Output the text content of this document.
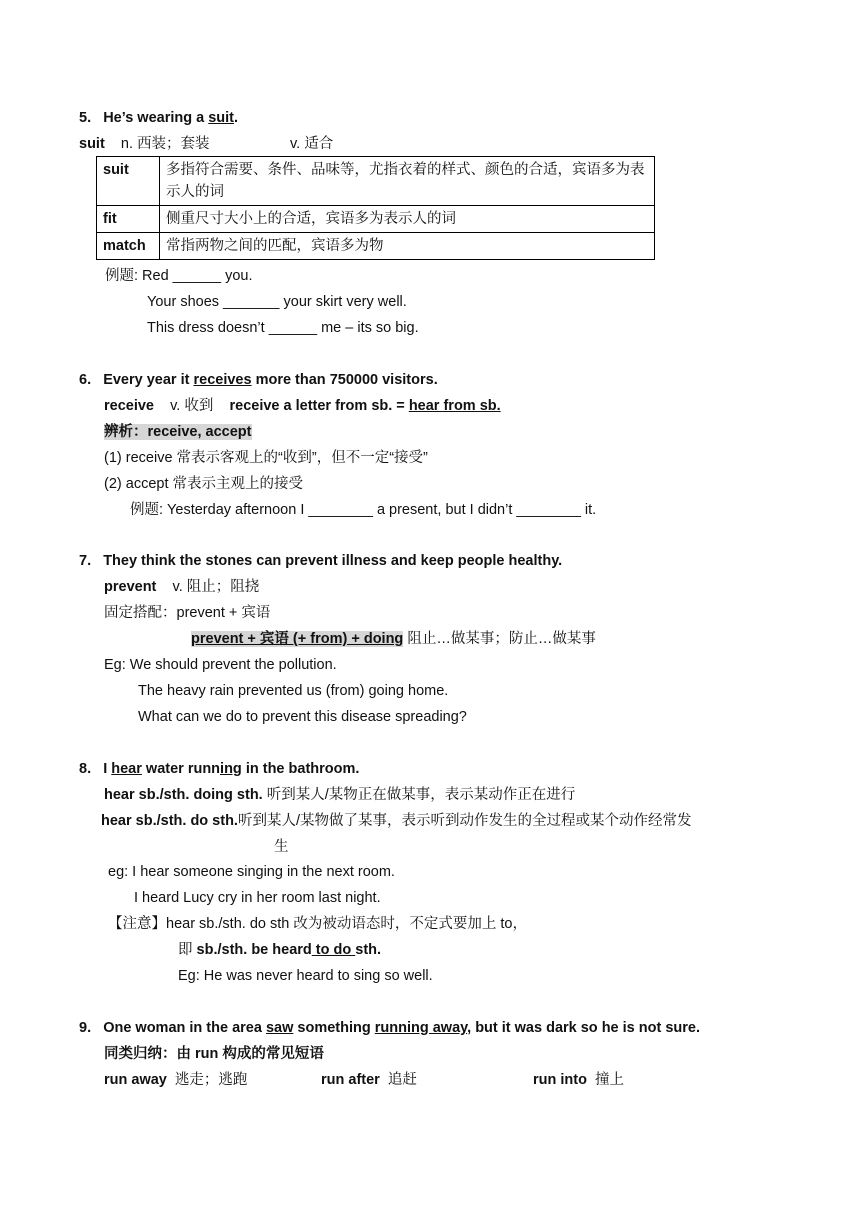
5. He’s wearing a suit.
suit n. 西装；套装	v. 适合
suit	多指符合需要、条件、品味等，尤指衣着的样式、颜色的合适，宾语多为表示人的词
fit	侧重尺寸大小上的合适，宾语多为表示人的词
match	常指两物之间的匹配，宾语多为物
例题: Red ______ you.
Your shoes _______ your skirt very well.
This dress doesn’t ______ me – its so big.
6. Every year it receives more than 750000 visitors.
receive v. 收到 receive a letter from sb. = hear from sb.
辨析：receive, accept
(1) receive 常表示客观上的“收到”，但不一定“接受”
(2) accept 常表示主观上的接受
例题: Yesterday afternoon I ________ a present, but I didn’t ________ it.
7. They think the stones can prevent illness and keep people healthy.
prevent v. 阻止；阻挠
固定搭配：prevent + 宾语
prevent + 宾语 (+ from) + doing 阻止…做某事；防止…做某事
Eg: We should prevent the pollution.
The heavy rain prevented us (from) going home.
What can we do to prevent this disease spreading?
8. I hear water running in the bathroom.
hear sb./sth. doing sth. 听到某人/某物正在做某事，表示某动作正在进行
hear sb./sth. do sth.听到某人/某物做了某事，表示听到动作发生的全过程或某个动作经常发
生
eg: I hear someone singing in the next room.
I heard Lucy cry in her room last night.
【注意】hear sb./sth. do sth 改为被动语态时，不定式要加上 to，
即 sb./sth. be heard to do sth.
Eg: He was never heard to sing so well.
9. One woman in the area saw something running away, but it was dark so he is not sure.
同类归纳：由 run 构成的常见短语
run away 逃走；逃跑	run after 追赶	run into 撞上
